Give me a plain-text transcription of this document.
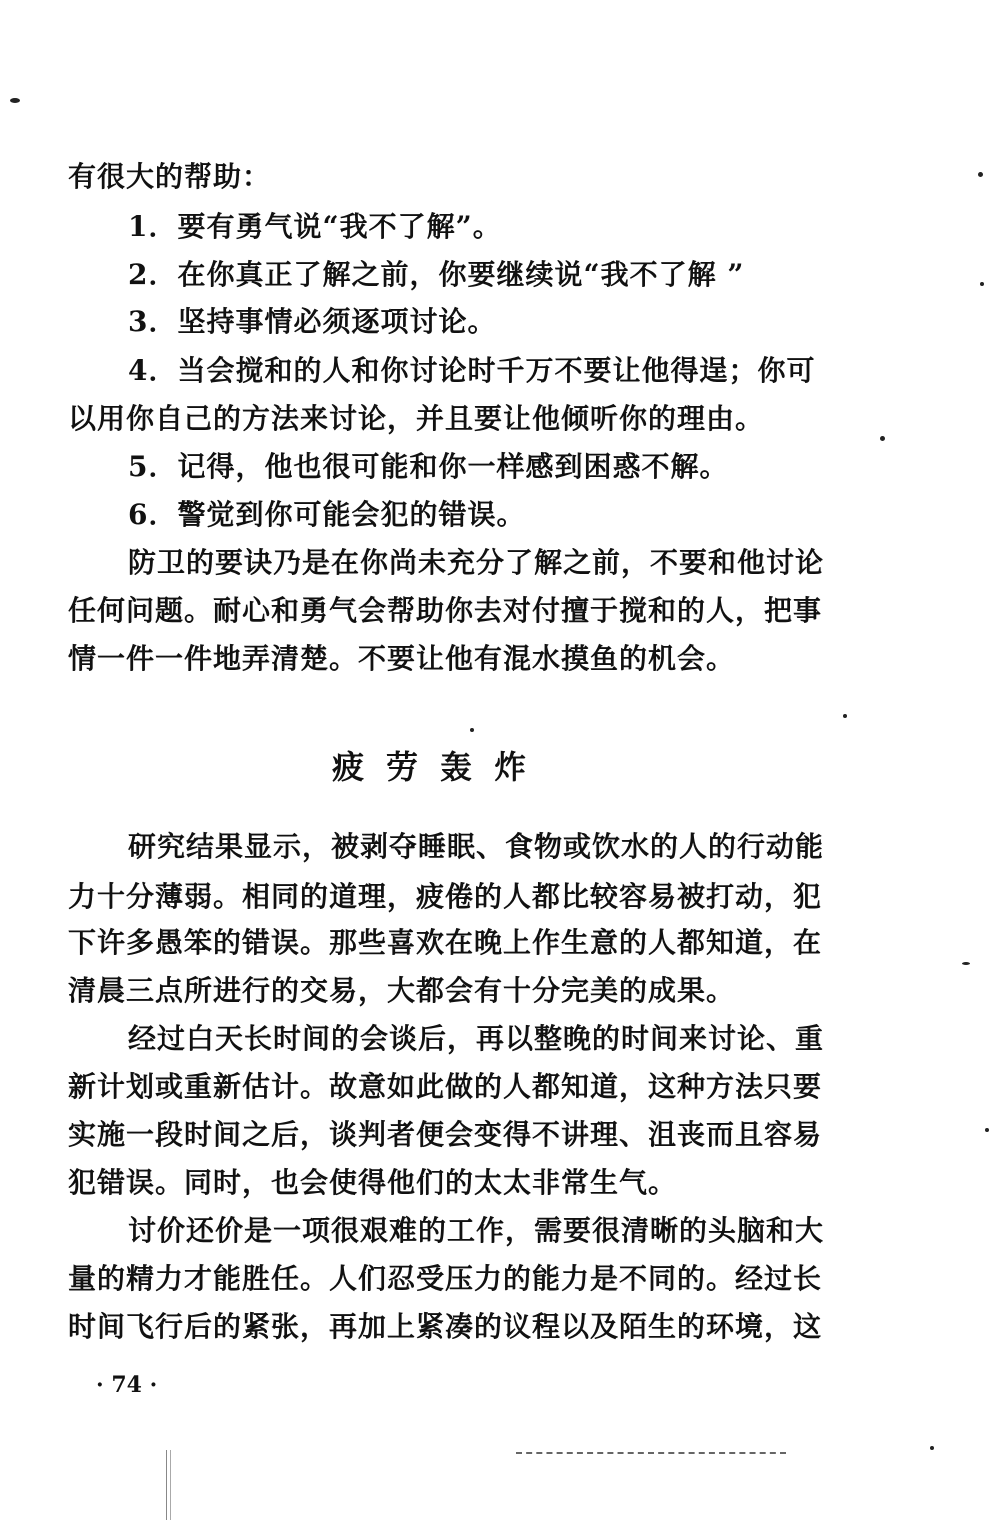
有很大的帮助：
1．要有勇气说“我不了解”。
2．在你真正了解之前，你要继续说“我不了解 ”
3．坚持事情必须逐项讨论。
4．当会搅和的人和你讨论时千万不要让他得逞；你可
以用你自己的方法来讨论，并且要让他倾听你的理由。
5．记得，他也很可能和你一样感到困惑不解。
6．警觉到你可能会犯的错误。
防卫的要诀乃是在你尚未充分了解之前，不要和他讨论
任何问题。耐心和勇气会帮助你去对付擅于搅和的人，把事
情一件一件地弄清楚。不要让他有混水摸鱼的机会。
疲劳轰炸
研究结果显示，被剥夺睡眠、食物或饮水的人的行动能
力十分薄弱。相同的道理，疲倦的人都比较容易被打动，犯
下许多愚笨的错误。那些喜欢在晚上作生意的人都知道，在
清晨三点所进行的交易，大都会有十分完美的成果。
经过白天长时间的会谈后，再以整晚的时间来讨论、重
新计划或重新估计。故意如此做的人都知道，这种方法只要
实施一段时间之后，谈判者便会变得不讲理、沮丧而且容易
犯错误。同时，也会使得他们的太太非常生气。
讨价还价是一项很艰难的工作，需要很清晰的头脑和大
量的精力才能胜任。人们忍受压力的能力是不同的。经过长
时间飞行后的紧张，再加上紧凑的议程以及陌生的环境，这
· 74 ·
